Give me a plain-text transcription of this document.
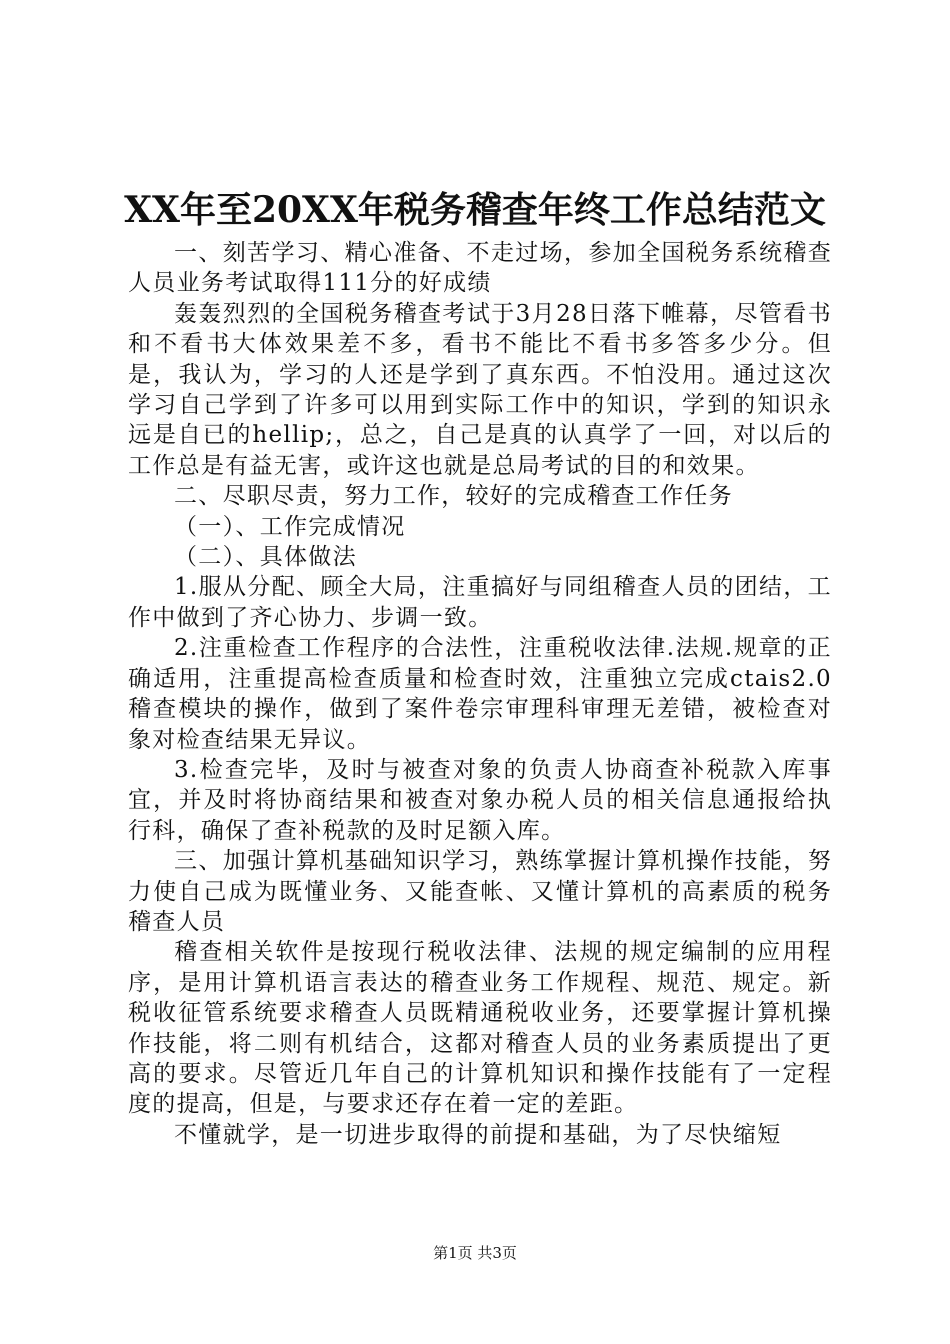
XX年至20XX年税务稽查年终工作总结范文

一、刻苦学习、精心准备、不走过场，参加全国税务系统稽查人员业务考试取得111分的好成绩

轰轰烈烈的全国税务稽查考试于3月28日落下帷幕，尽管看书和不看书大体效果差不多，看书不能比不看书多答多少分。但是，我认为，学习的人还是学到了真东西。不怕没用。通过这次学习自己学到了许多可以用到实际工作中的知识，学到的知识永远是自已的hellip;，总之，自己是真的认真学了一回，对以后的工作总是有益无害，或许这也就是总局考试的目的和效果。

二、尽职尽责，努力工作，较好的完成稽查工作任务

（一）、工作完成情况

（二）、具体做法

1.服从分配、顾全大局，注重搞好与同组稽查人员的团结，工作中做到了齐心协力、步调一致。

2.注重检查工作程序的合法性，注重税收法律.法规.规章的正确适用，注重提高检查质量和检查时效，注重独立完成ctais2.0稽查模块的操作，做到了案件卷宗审理科审理无差错，被检查对象对检查结果无异议。

3.检查完毕，及时与被查对象的负责人协商查补税款入库事宜，并及时将协商结果和被查对象办税人员的相关信息通报给执行科，确保了查补税款的及时足额入库。

三、加强计算机基础知识学习，熟练掌握计算机操作技能，努力使自己成为既懂业务、又能查帐、又懂计算机的高素质的税务稽查人员

稽查相关软件是按现行税收法律、法规的规定编制的应用程序，是用计算机语言表达的稽查业务工作规程、规范、规定。新税收征管系统要求稽查人员既精通税收业务，还要掌握计算机操作技能，将二则有机结合，这都对稽查人员的业务素质提出了更高的要求。尽管近几年自己的计算机知识和操作技能有了一定程度的提高，但是，与要求还存在着一定的差距。

不懂就学，是一切进步取得的前提和基础，为了尽快缩短

第1页 共3页
